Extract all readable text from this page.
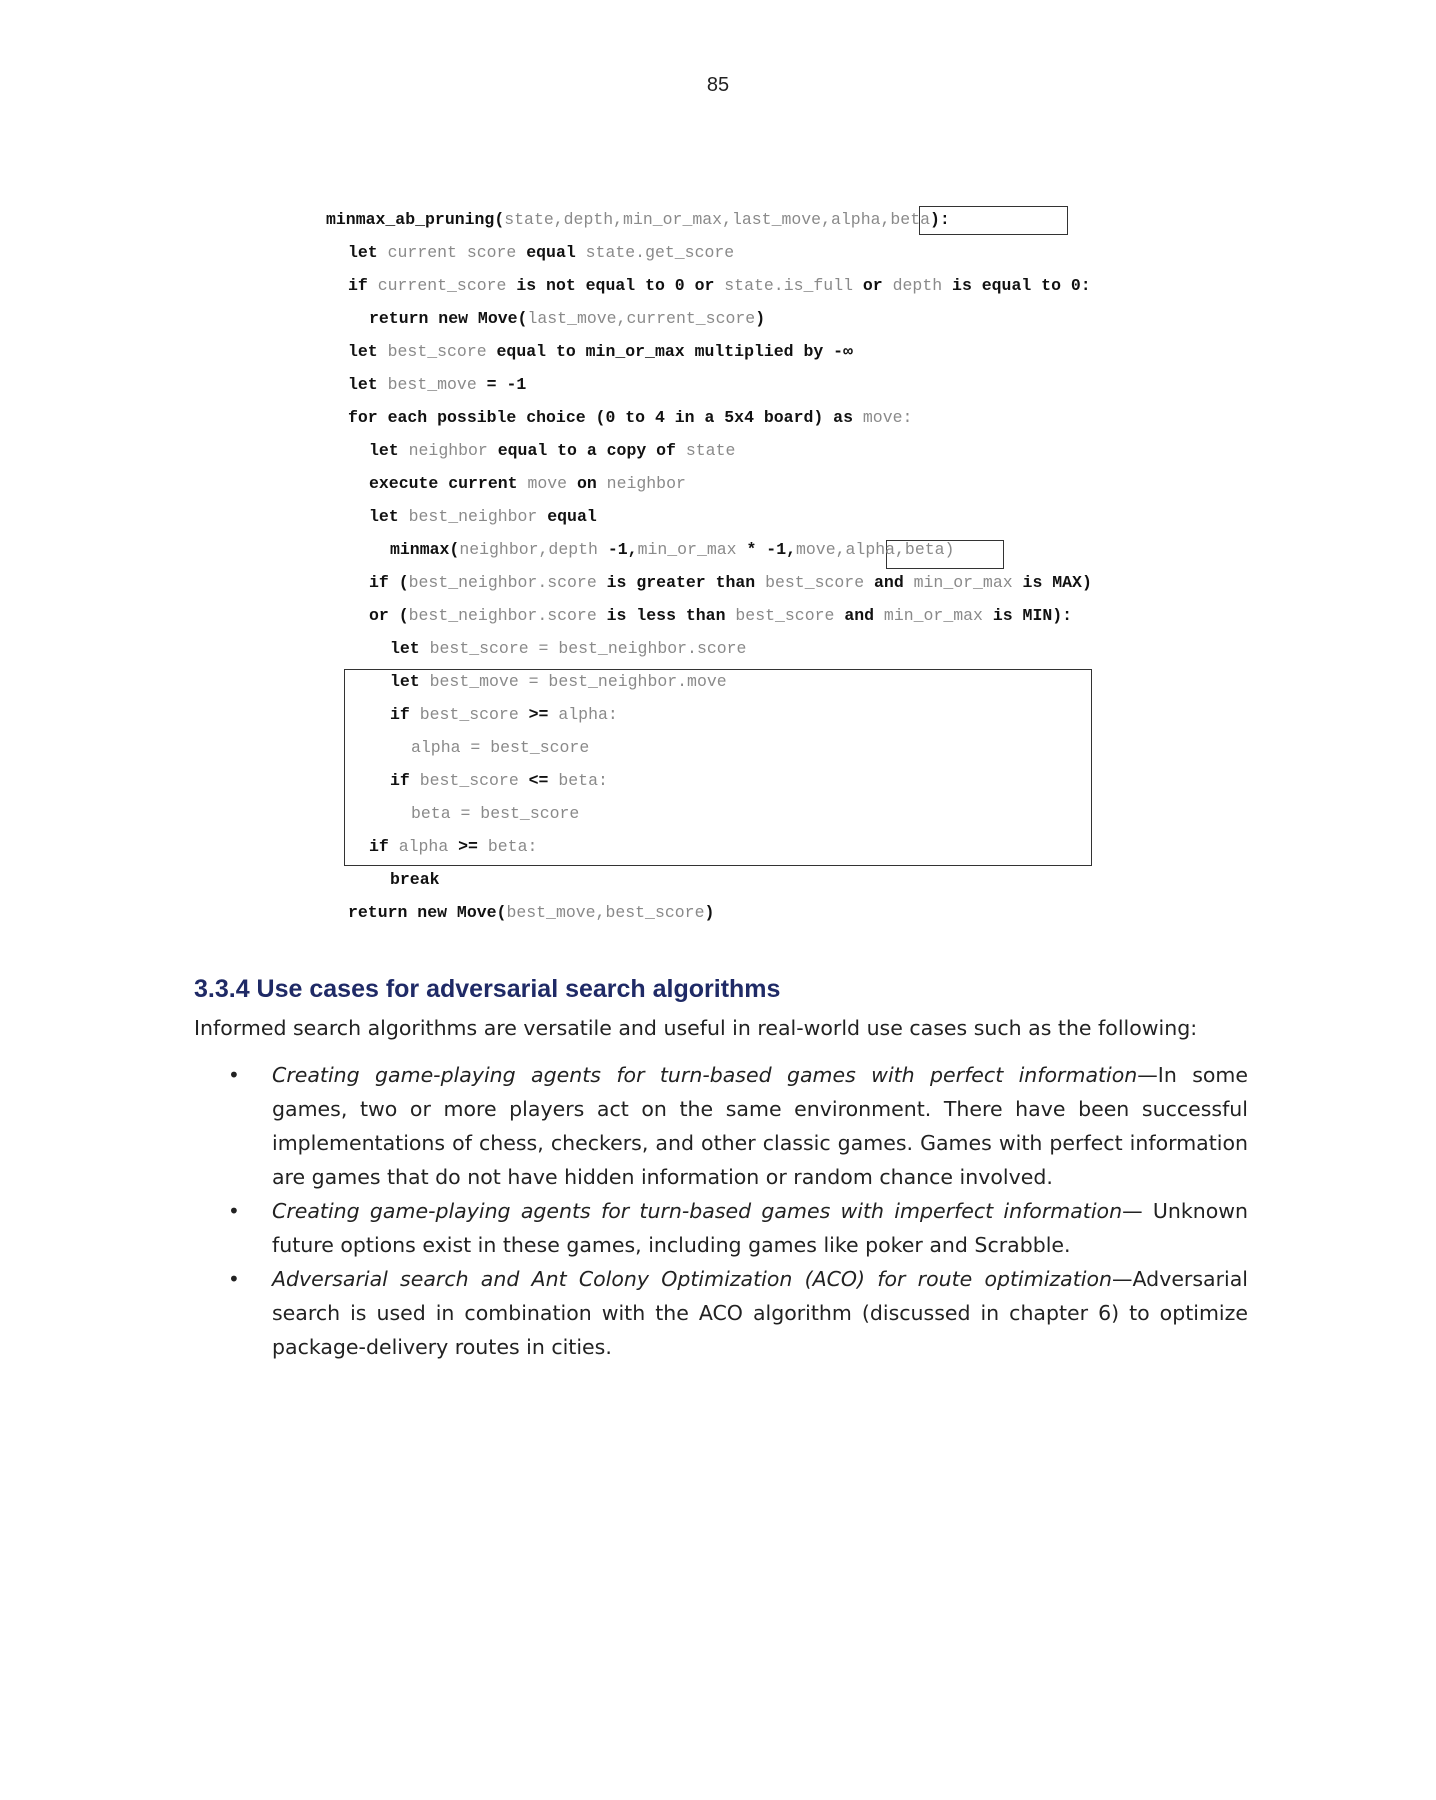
85
minmax_ab_pruning(state,depth,min_or_max,last_move,alpha,beta):
let current score equal state.get_score
if current_score is not equal to 0 or state.is_full or depth is equal to 0:
return new Move(last_move,current_score)
let best_score equal to min_or_max multiplied by -∞
let best_move = -1
for each possible choice (0 to 4 in a 5x4 board) as move:
let neighbor equal to a copy of state
execute current move on neighbor
let best_neighbor equal
minmax(neighbor,depth -1,min_or_max * -1,move,alpha,beta)
if (best_neighbor.score is greater than best_score and min_or_max is MAX)
or (best_neighbor.score is less than best_score and min_or_max is MIN):
let best_score = best_neighbor.score
let best_move = best_neighbor.move
if best_score >= alpha:
alpha = best_score
if best_score <= beta:
beta = best_score
if alpha >= beta:
break
return new Move(best_move,best_score)
3.3.4 Use cases for adversarial search algorithms

Informed search algorithms are versatile and useful in real-world use cases such as the following:

• Creating game-playing agents for turn-based games with perfect information—In some games, two or more players act on the same environment. There have been successful implementations of chess, checkers, and other classic games. Games with perfect information are games that do not have hidden information or random chance involved.
• Creating game-playing agents for turn-based games with imperfect information— Unknown future options exist in these games, including games like poker and Scrabble.
• Adversarial search and Ant Colony Optimization (ACO) for route optimization—Adversarial search is used in combination with the ACO algorithm (discussed in chapter 6) to optimize package-delivery routes in cities.
